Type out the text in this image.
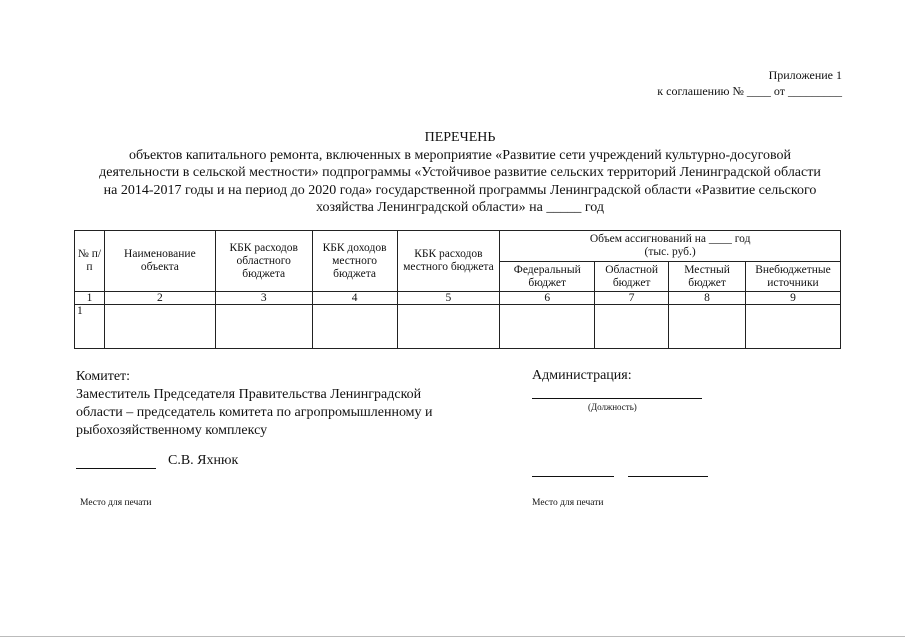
Приложение 1
к соглашению № ____ от _________
ПЕРЕЧЕНЬ
объектов капитального ремонта, включенных в мероприятие «Развитие сети учреждений культурно-досуговой
деятельности в сельской местности» подпрограммы «Устойчивое развитие сельских территорий Ленинградской области
на 2014-2017 годы и на период до 2020 года» государственной программы Ленинградской области «Развитие сельского
хозяйства Ленинградской области» на _____ год
№ п/п	Наименование объекта	КБК расходов областного бюджета	КБК доходов местного бюджета	КБК расходов местного бюджета	Объем ассигнований на ____ год
(тыс. руб.)			

					Федеральный бюджет	Областной бюджет	Местный бюджет	Внебюджетные источники
1	2	3	4	5	6	7	8	9
1								
Комитет:
Заместитель Председателя Правительства Ленинградской
области – председатель комитета по агропромышленному и
рыбохозяйственному комплексу
С.В. Яхнюк
Место для печати
Администрация:
(Должность)
Место для печати
